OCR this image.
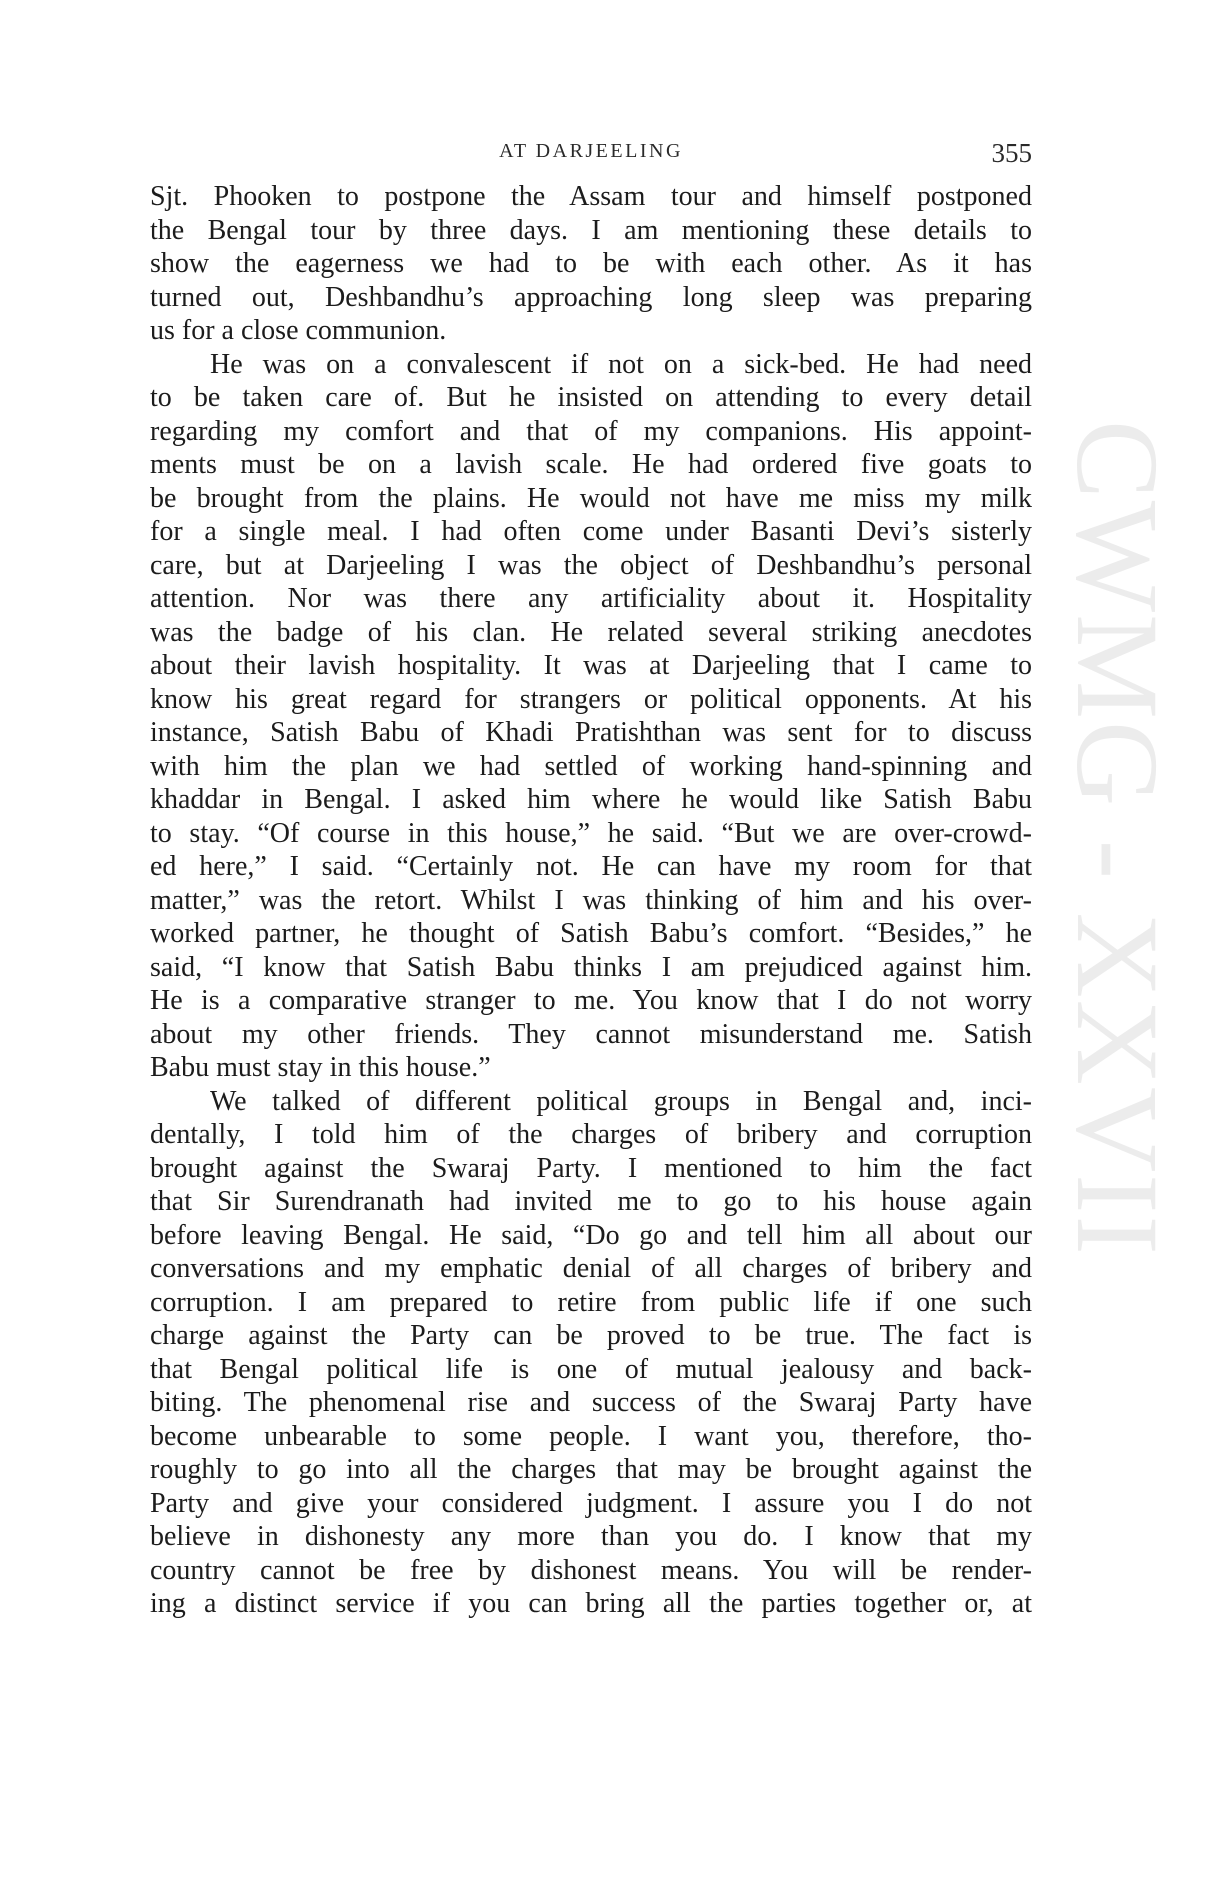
CWMG - XXVII
AT DARJEELING	355
Sjt. Phooken to postpone the Assam tour and himself postponed
the Bengal tour by three days. I am mentioning these details to
show the eagerness we had to be with each other. As it has
turned out, Deshbandhu’s approaching long sleep was preparing
us for a close communion.
He was on a convalescent if not on a sick-bed. He had need
to be taken care of. But he insisted on attending to every detail
regarding my comfort and that of my companions. His appoint-
ments must be on a lavish scale. He had ordered five goats to
be brought from the plains. He would not have me miss my milk
for a single meal. I had often come under Basanti Devi’s sisterly
care, but at Darjeeling I was the object of Deshbandhu’s personal
attention. Nor was there any artificiality about it. Hospitality
was the badge of his clan. He related several striking anecdotes
about their lavish hospitality. It was at Darjeeling that I came to
know his great regard for strangers or political opponents. At his
instance, Satish Babu of Khadi Pratishthan was sent for to discuss
with him the plan we had settled of working hand-spinning and
khaddar in Bengal. I asked him where he would like Satish Babu
to stay. “Of course in this house,” he said. “But we are over-crowd-
ed here,” I said. “Certainly not. He can have my room for that
matter,” was the retort. Whilst I was thinking of him and his over-
worked partner, he thought of Satish Babu’s comfort. “Besides,” he
said, “I know that Satish Babu thinks I am prejudiced against him.
He is a comparative stranger to me. You know that I do not worry
about my other friends. They cannot misunderstand me. Satish
Babu must stay in this house.”
We talked of different political groups in Bengal and, inci-
dentally, I told him of the charges of bribery and corruption
brought against the Swaraj Party. I mentioned to him the fact
that Sir Surendranath had invited me to go to his house again
before leaving Bengal. He said, “Do go and tell him all about our
conversations and my emphatic denial of all charges of bribery and
corruption. I am prepared to retire from public life if one such
charge against the Party can be proved to be true. The fact is
that Bengal political life is one of mutual jealousy and back-
biting. The phenomenal rise and success of the Swaraj Party have
become unbearable to some people. I want you, therefore, tho-
roughly to go into all the charges that may be brought against the
Party and give your considered judgment. I assure you I do not
believe in dishonesty any more than you do. I know that my
country cannot be free by dishonest means. You will be render-
ing a distinct service if you can bring all the parties together or, at
